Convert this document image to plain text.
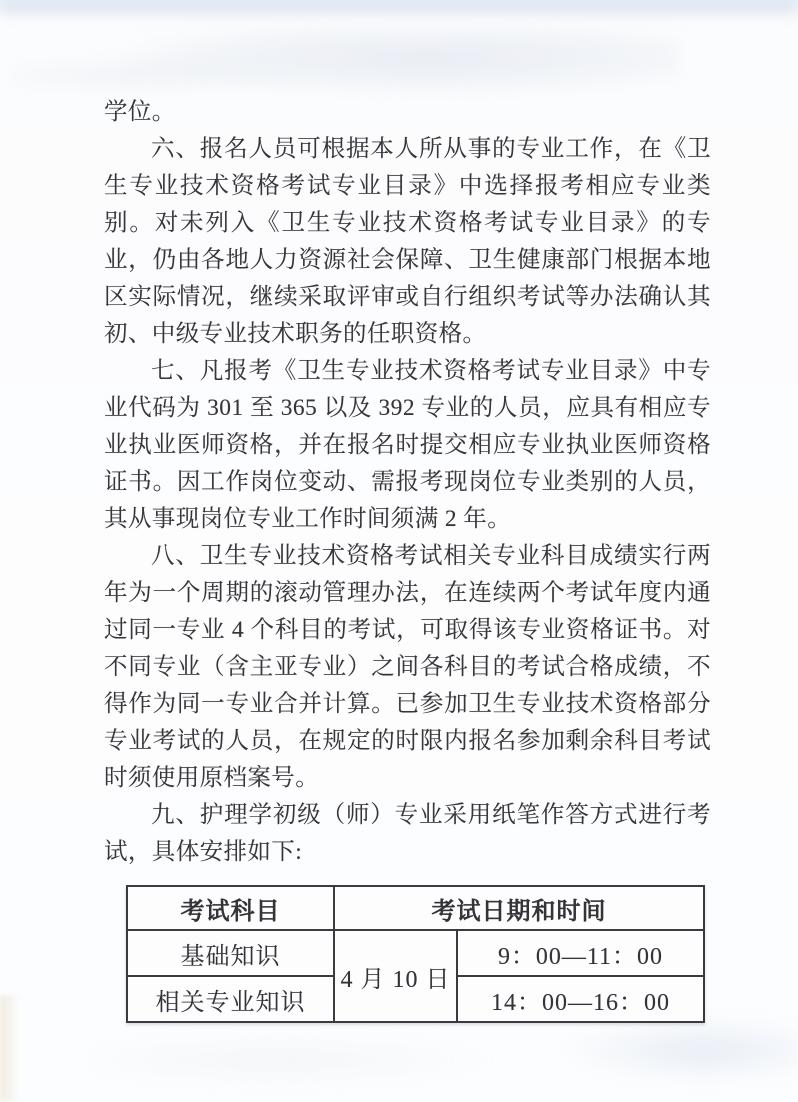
学位。

六、报名人员可根据本人所从事的专业工作，在《卫生专业技术资格考试专业目录》中选择报考相应专业类别。对未列入《卫生专业技术资格考试专业目录》的专业，仍由各地人力资源社会保障、卫生健康部门根据本地区实际情况，继续采取评审或自行组织考试等办法确认其初、中级专业技术职务的任职资格。

七、凡报考《卫生专业技术资格考试专业目录》中专业代码为 301 至 365 以及 392 专业的人员，应具有相应专业执业医师资格，并在报名时提交相应专业执业医师资格证书。因工作岗位变动、需报考现岗位专业类别的人员，其从事现岗位专业工作时间须满 2 年。

八、卫生专业技术资格考试相关专业科目成绩实行两年为一个周期的滚动管理办法，在连续两个考试年度内通过同一专业 4 个科目的考试，可取得该专业资格证书。对不同专业（含主亚专业）之间各科目的考试合格成绩，不得作为同一专业合并计算。已参加卫生专业技术资格部分专业考试的人员，在规定的时限内报名参加剩余科目考试时须使用原档案号。

九、护理学初级（师）专业采用纸笔作答方式进行考试，具体安排如下:

考试科目	考试日期和时间	
基础知识	4 月 10 日	9：00—11：00
相关专业知识		14：00—16：00
